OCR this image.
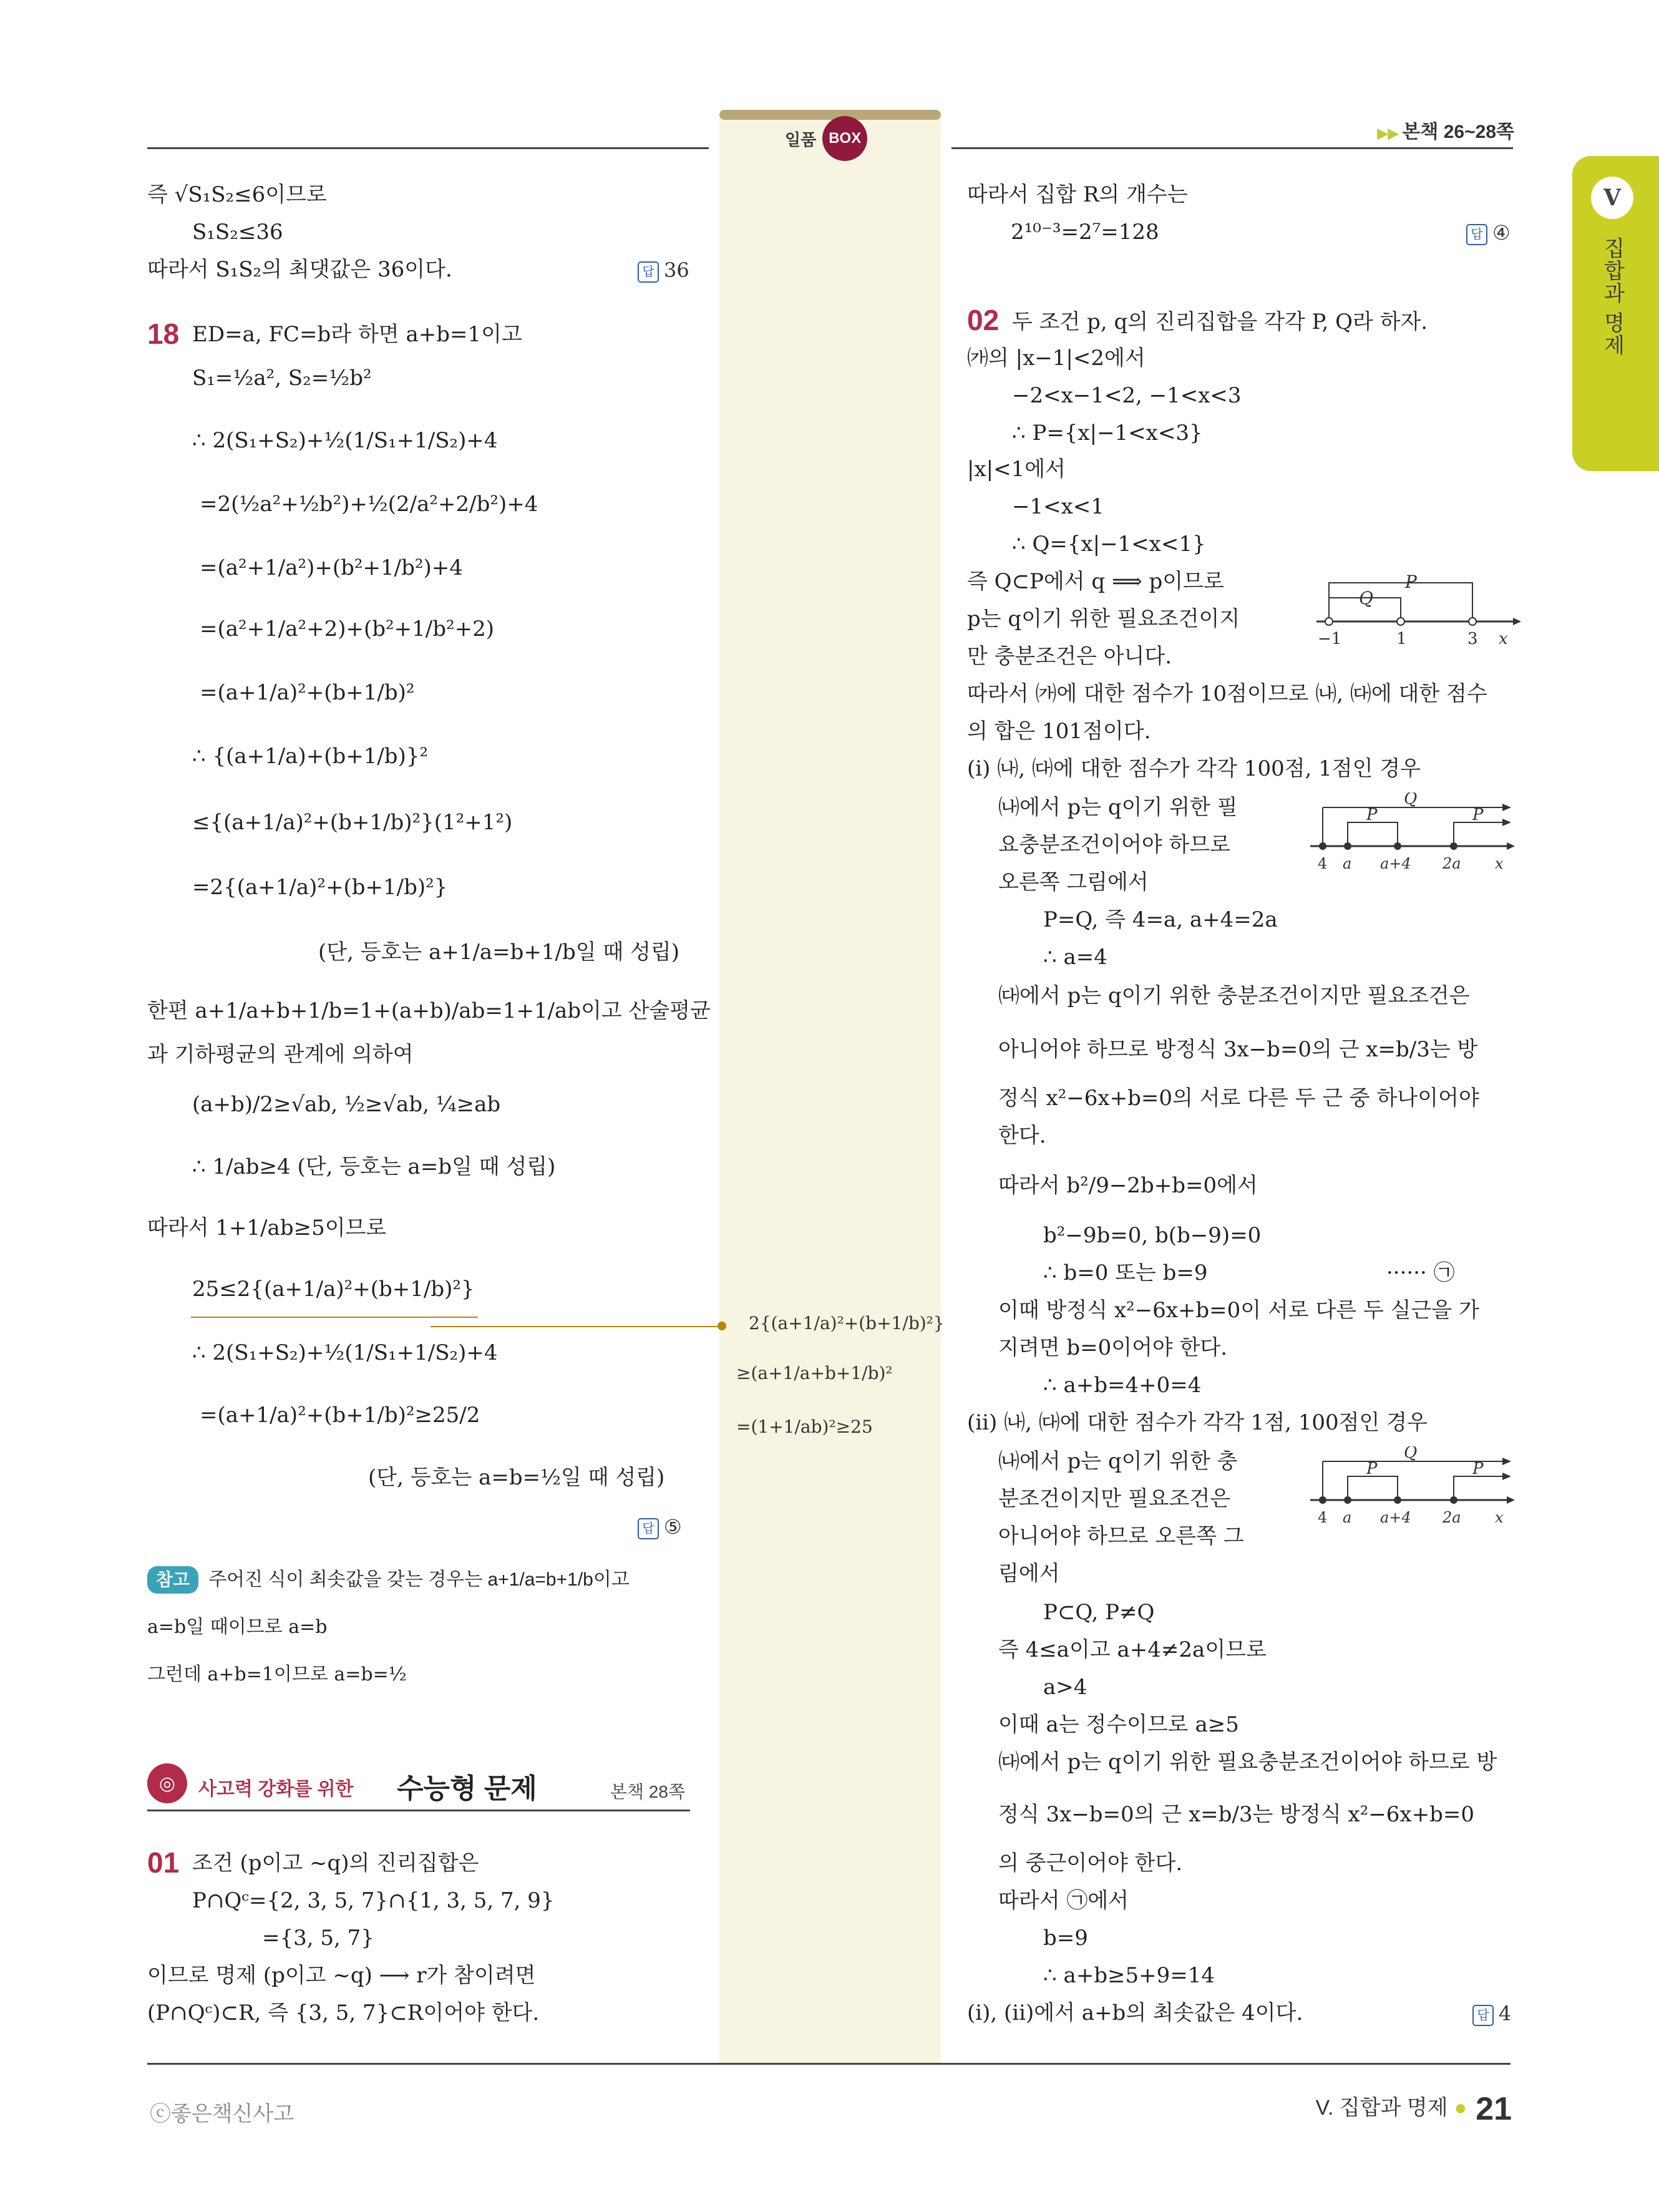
일품 BOX	▶▶ 본책 26~28쪽
V
집합과 명제
즉 √S₁S₂≤6이므로
S₁S₂≤36
따라서 S₁S₂의 최댓값은 36이다.	답 36
18 ED=a, FC=b라 하면 a+b=1이고
S₁=½a², S₂=½b²
∴ 2(S₁+S₂)+½(1/S₁+1/S₂)+4
=2(½a²+½b²)+½(2/a²+2/b²)+4
=(a²+1/a²)+(b²+1/b²)+4
=(a²+1/a²+2)+(b²+1/b²+2)
=(a+1/a)²+(b+1/b)²
∴ {(a+1/a)+(b+1/b)}²
≤{(a+1/a)²+(b+1/b)²}(1²+1²)
=2{(a+1/a)²+(b+1/b)²}
(단, 등호는 a+1/a=b+1/b일 때 성립)
한편 a+1/a+b+1/b=1+(a+b)/ab=1+1/ab이고 산술평균
과 기하평균의 관계에 의하여
(a+b)/2≥√ab, ½≥√ab, ¼≥ab
∴ 1/ab≥4 (단, 등호는 a=b일 때 성립)
따라서 1+1/ab≥5이므로
25≤2{(a+1/a)²+(b+1/b)²}
∴ 2(S₁+S₂)+½(1/S₁+1/S₂)+4
=(a+1/a)²+(b+1/b)²≥25/2
(단, 등호는 a=b=½일 때 성립)
답 ⑤
참고 주어진 식이 최솟값을 갖는 경우는 a+1/a=b+1/b이고
a=b일 때이므로 a=b
그런데 a+b=1이므로 a=b=½
◎	사고력 강화를 위한 수능형 문제	본책 28쪽
01 조건 (p이고 ~q)의 진리집합은
P∩Qᶜ={2, 3, 5, 7}∩{1, 3, 5, 7, 9}
={3, 5, 7}
이므로 명제 (p이고 ~q) ⟶ r가 참이려면
(P∩Qᶜ)⊂R, 즉 {3, 5, 7}⊂R이어야 한다.
2{(a+1/a)²+(b+1/b)²}
≥(a+1/a+b+1/b)²
=(1+1/ab)²≥25
따라서 집합 R의 개수는
2¹⁰⁻³=2⁷=128	답 ④
02 두 조건 p, q의 진리집합을 각각 P, Q라 하자.
㈎의 |x−1|<2에서
−2<x−1<2, −1<x<3
∴ P={x|−1<x<3}
|x|<1에서
−1<x<1
∴ Q={x|−1<x<1}
즉 Q⊂P에서 q ⟹ p이므로
p는 q이기 위한 필요조건이지
만 충분조건은 아니다.
P
Q
−1	1	3 x
따라서 ㈎에 대한 점수가 10점이므로 ㈏, ㈐에 대한 점수
의 합은 101점이다.
(i) ㈏, ㈐에 대한 점수가 각각 100점, 1점인 경우
㈏에서 p는 q이기 위한 필
요충분조건이어야 하므로
오른쪽 그림에서
Q
P	P
4 a a+4 2a x
P=Q, 즉 4=a, a+4=2a
∴ a=4
㈐에서 p는 q이기 위한 충분조건이지만 필요조건은
아니어야 하므로 방정식 3x−b=0의 근 x=b/3는 방
정식 x²−6x+b=0의 서로 다른 두 근 중 하나이어야
한다.
따라서 b²/9−2b+b=0에서
b²−9b=0, b(b−9)=0
∴ b=0 또는 b=9	······ ㉠
이때 방정식 x²−6x+b=0이 서로 다른 두 실근을 가
지려면 b=0이어야 한다.
∴ a+b=4+0=4
(ii) ㈏, ㈐에 대한 점수가 각각 1점, 100점인 경우
㈏에서 p는 q이기 위한 충
분조건이지만 필요조건은
아니어야 하므로 오른쪽 그
림에서
Q
P	P
4 a a+4 2a x
P⊂Q, P≠Q
즉 4≤a이고 a+4≠2a이므로
a>4
이때 a는 정수이므로 a≥5
㈐에서 p는 q이기 위한 필요충분조건이어야 하므로 방
정식 3x−b=0의 근 x=b/3는 방정식 x²−6x+b=0
의 중근이어야 한다.
따라서 ㉠에서
b=9
∴ a+b≥5+9=14
(i), (ii)에서 a+b의 최솟값은 4이다.	답 4
ⓒ좋은책신사고	V. 집합과 명제 ● 21
